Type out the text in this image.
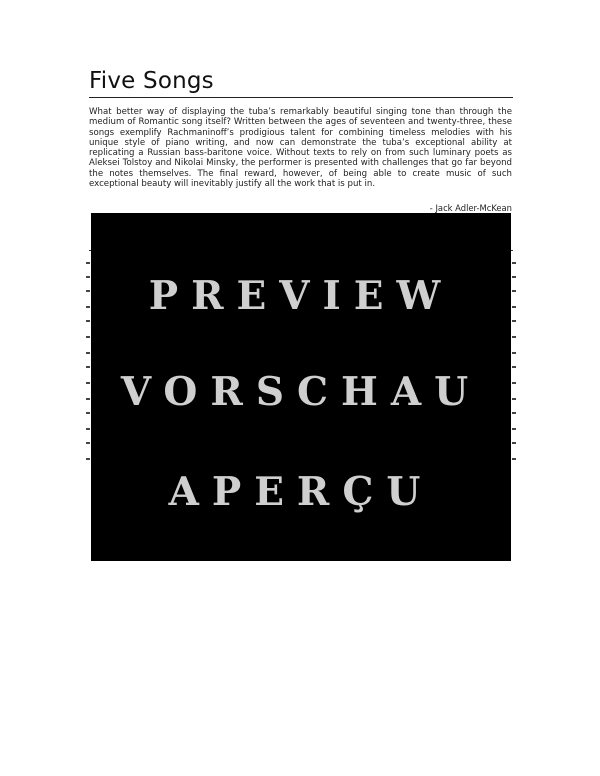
Five Songs

What better way of displaying the tuba’s remarkably beautiful singing tone than through the medium of Romantic song itself? Written between the ages of seventeen and twenty-three, these songs exemplify Rachmaninoff’s prodigious talent for combining timeless melodies with his unique style of piano writing, and now can demonstrate the tuba’s exceptional ability at replicating a Russian bass-baritone voice. Without texts to rely on from such luminary poets as Aleksei Tolstoy and Nikolai Minsky, the performer is presented with challenges that go far beyond the notes themselves. The final reward, however, of being able to create music of such exceptional beauty will inevitably justify all the work that is put in.

- Jack Adler-McKean

PREVIEW

VORSCHAU

APERÇU
